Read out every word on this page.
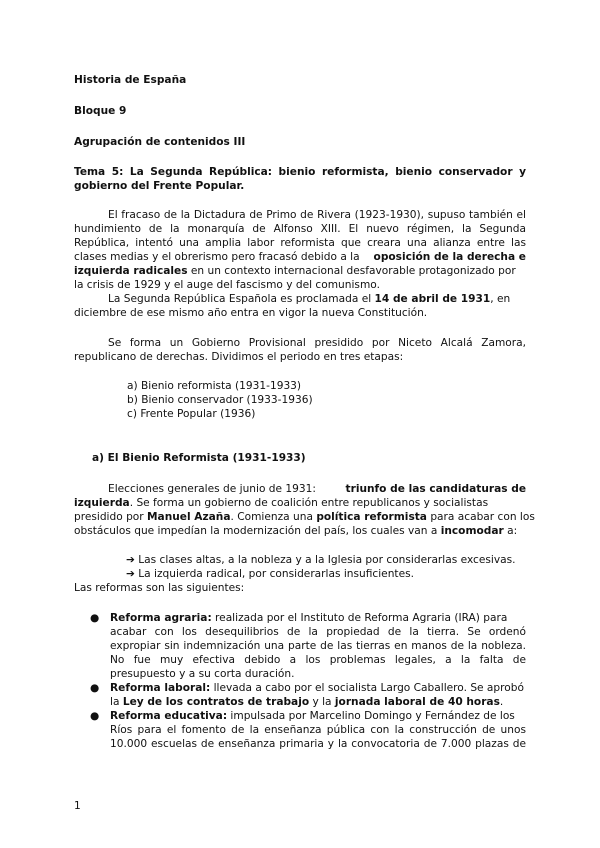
Historia de España
Bloque 9
Agrupación de contenidos III
Tema 5: La Segunda República: bienio reformista, bienio conservador y
gobierno del Frente Popular.
El fracaso de la Dictadura de Primo de Rivera (1923-1930), supuso también el
hundimiento de la monarquía de Alfonso XIII. El nuevo régimen, la Segunda
República, intentó una amplia labor reformista que creara una alianza entre las
clases medias y el obrerismo pero fracasó debido a la oposición de la derecha e
izquierda radicales en un contexto internacional desfavorable protagonizado por
la crisis de 1929 y el auge del fascismo y del comunismo.
La Segunda República Española es proclamada el 14 de abril de 1931, en
diciembre de ese mismo año entra en vigor la nueva Constitución.
Se forma un Gobierno Provisional presidido por Niceto Alcalá Zamora,
republicano de derechas. Dividimos el periodo en tres etapas:
a) Bienio reformista (1931-1933)
b) Bienio conservador (1933-1936)
c) Frente Popular (1936)
a) El Bienio Reformista (1931-1933)
Elecciones generales de junio de 1931:	triunfo de las candidaturas de
izquierda. Se forma un gobierno de coalición entre republicanos y socialistas
presidido por Manuel Azaña. Comienza una política reformista para acabar con los
obstáculos que impedían la modernización del país, los cuales van a incomodar a:
➔ Las clases altas, a la nobleza y a la Iglesia por considerarlas excesivas.
➔ La izquierda radical, por considerarlas insuficientes.
Las reformas son las siguientes:
● Reforma agraria: realizada por el Instituto de Reforma Agraria (IRA) para
acabar con los desequilibrios de la propiedad de la tierra. Se ordenó
expropiar sin indemnización una parte de las tierras en manos de la nobleza.
No fue muy efectiva debido a los problemas legales, a la falta de
presupuesto y a su corta duración.
● Reforma laboral: llevada a cabo por el socialista Largo Caballero. Se aprobó
la Ley de los contratos de trabajo y la jornada laboral de 40 horas.
● Reforma educativa: impulsada por Marcelino Domingo y Fernández de los
Ríos para el fomento de la enseñanza pública con la construcción de unos
10.000 escuelas de enseñanza primaria y la convocatoria de 7.000 plazas de
1
